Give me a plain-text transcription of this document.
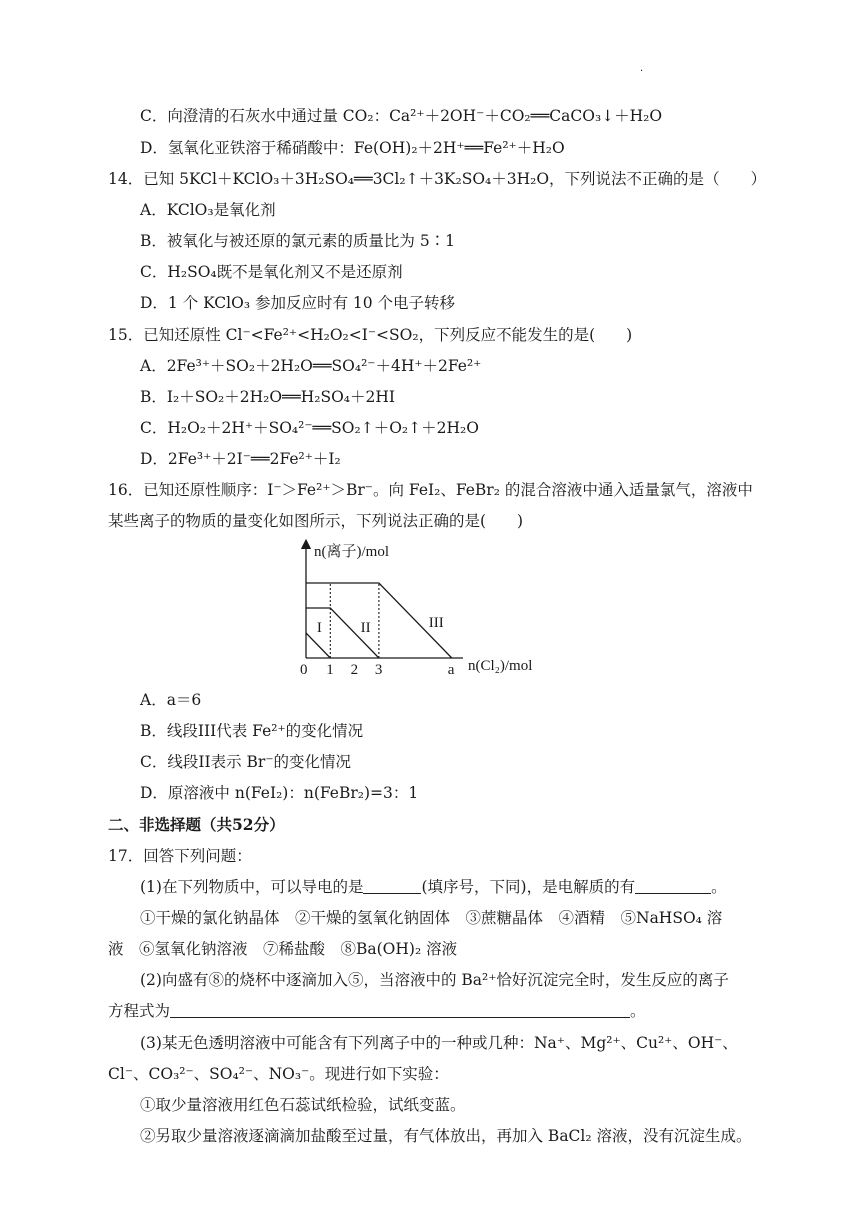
·
C．向澄清的石灰水中通过量 CO₂：Ca²⁺＋2OH⁻＋CO₂══CaCO₃↓＋H₂O
D．氢氧化亚铁溶于稀硝酸中：Fe(OH)₂＋2H⁺══Fe²⁺＋H₂O
14．已知 5KCl＋KClO₃＋3H₂SO₄══3Cl₂↑＋3K₂SO₄＋3H₂O，下列说法不正确的是（　　）
A．KClO₃是氧化剂
B．被氧化与被还原的氯元素的质量比为 5∶1
C．H₂SO₄既不是氧化剂又不是还原剂
D．1 个 KClO₃ 参加反应时有 10 个电子转移
15．已知还原性 Cl⁻<Fe²⁺<H₂O₂<I⁻<SO₂，下列反应不能发生的是(　　)
A．2Fe³⁺＋SO₂＋2H₂O══SO₄²⁻＋4H⁺＋2Fe²⁺
B．I₂＋SO₂＋2H₂O══H₂SO₄＋2HI
C．H₂O₂＋2H⁺＋SO₄²⁻══SO₂↑＋O₂↑＋2H₂O
D．2Fe³⁺＋2I⁻══2Fe²⁺＋I₂
16．已知还原性顺序：I⁻＞Fe²⁺＞Br⁻。向 FeI₂、FeBr₂ 的混合溶液中通入适量氯气，溶液中
某些离子的物质的量变化如图所示，下列说法正确的是(　　)
n(离子)/mol
n(Cl₂)/mol
0 1 2 3	a
I	II	III
A．a＝6
B．线段III代表 Fe²⁺的变化情况
C．线段II表示 Br⁻的变化情况
D．原溶液中 n(FeI₂)：n(FeBr₂)=3：1
二、非选择题（共52分）
17．回答下列问题：
(1)在下列物质中，可以导电的是	(填序号，下同)，是电解质的有	。
①干燥的氯化钠晶体　②干燥的氢氧化钠固体　③蔗糖晶体　④酒精　⑤NaHSO₄ 溶
液　⑥氢氧化钠溶液　⑦稀盐酸　⑧Ba(OH)₂ 溶液
(2)向盛有⑧的烧杯中逐滴加入⑤，当溶液中的 Ba²⁺恰好沉淀完全时，发生反应的离子
方程式为	。
(3)某无色透明溶液中可能含有下列离子中的一种或几种：Na⁺、Mg²⁺、Cu²⁺、OH⁻、
Cl⁻、CO₃²⁻、SO₄²⁻、NO₃⁻。现进行如下实验：
①取少量溶液用红色石蕊试纸检验，试纸变蓝。
②另取少量溶液逐滴滴加盐酸至过量，有气体放出，再加入 BaCl₂ 溶液，没有沉淀生成。
